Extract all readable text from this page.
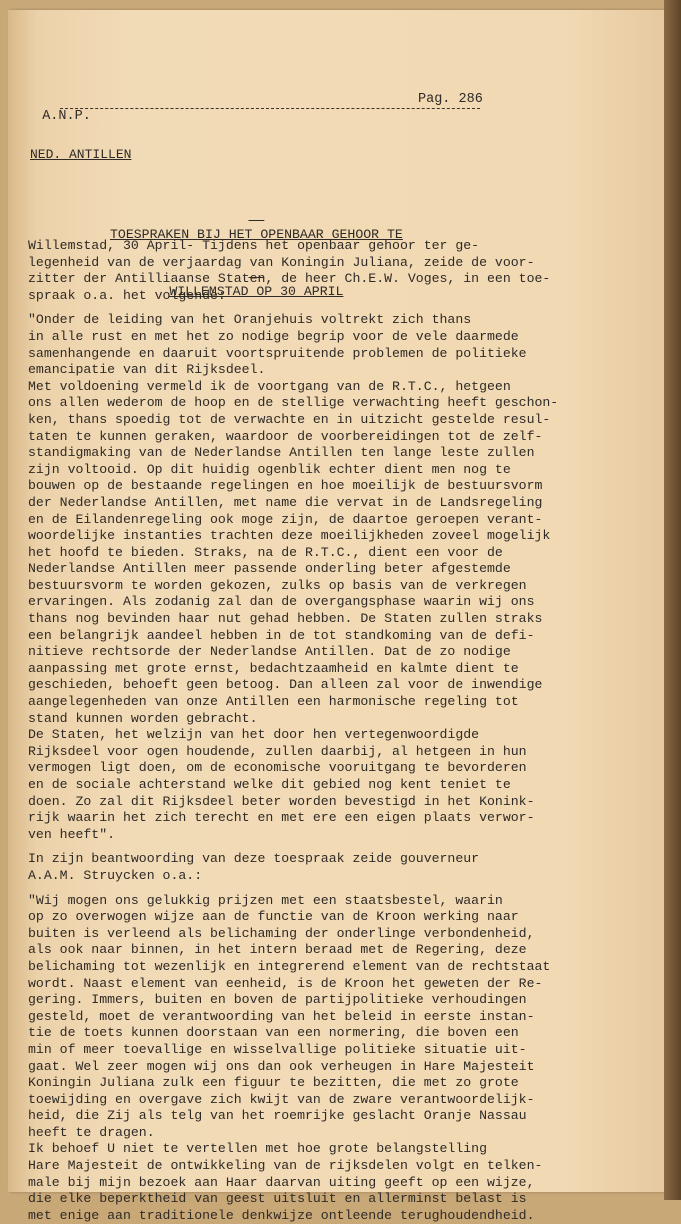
A.N.P.

Pag. 286

NED. ANTILLEN

TOESPRAKEN BIJ HET OPENBAAR GEHOOR TE

WILLEMSTAD OP 30 APRIL

Willemstad, 30 April- Tijdens het openbaar gehoor ter ge-
legenheid van de verjaardag van Koningin Juliana, zeide de voor-
zitter der Antilliaanse Staten, de heer Ch.E.W. Voges, in een toe-
spraak o.a. het volgende:
"Onder de leiding van het Oranjehuis voltrekt zich thans
in alle rust en met het zo nodige begrip voor de vele daarmede
samenhangende en daaruit voortspruitende problemen de politieke
emancipatie van dit Rijksdeel.
Met voldoening vermeld ik de voortgang van de R.T.C., hetgeen
ons allen wederom de hoop en de stellige verwachting heeft geschon-
ken, thans spoedig tot de verwachte en in uitzicht gestelde resul-
taten te kunnen geraken, waardoor de voorbereidingen tot de zelf-
standigmaking van de Nederlandse Antillen ten lange leste zullen
zijn voltooid. Op dit huidig ogenblik echter dient men nog te
bouwen op de bestaande regelingen en hoe moeilijk de bestuursvorm
der Nederlandse Antillen, met name die vervat in de Landsregeling
en de Eilandenregeling ook moge zijn, de daartoe geroepen verant-
woordelijke instanties trachten deze moeilijkheden zoveel mogelijk
het hoofd te bieden. Straks, na de R.T.C., dient een voor de
Nederlandse Antillen meer passende onderling beter afgestemde
bestuursvorm te worden gekozen, zulks op basis van de verkregen
ervaringen. Als zodanig zal dan de overgangsphase waarin wij ons
thans nog bevinden haar nut gehad hebben. De Staten zullen straks
een belangrijk aandeel hebben in de tot standkoming van de defi-
nitieve rechtsorde der Nederlandse Antillen. Dat de zo nodige
aanpassing met grote ernst, bedachtzaamheid en kalmte dient te
geschieden, behoeft geen betoog. Dan alleen zal voor de inwendige
aangelegenheden van onze Antillen een harmonische regeling tot
stand kunnen worden gebracht.
De Staten, het welzijn van het door hen vertegenwoordigde
Rijksdeel voor ogen houdende, zullen daarbij, al hetgeen in hun
vermogen ligt doen, om de economische vooruitgang te bevorderen
en de sociale achterstand welke dit gebied nog kent teniet te
doen. Zo zal dit Rijksdeel beter worden bevestigd in het Konink-
rijk waarin het zich terecht en met ere een eigen plaats verwor-
ven heeft".
In zijn beantwoording van deze toespraak zeide gouverneur
A.A.M. Struycken o.a.:
"Wij mogen ons gelukkig prijzen met een staatsbestel, waarin
op zo overwogen wijze aan de functie van de Kroon werking naar
buiten is verleend als belichaming der onderlinge verbondenheid,
als ook naar binnen, in het intern beraad met de Regering, deze
belichaming tot wezenlijk en integrerend element van de rechtstaat
wordt. Naast element van eenheid, is de Kroon het geweten der Re-
gering. Immers, buiten en boven de partijpolitieke verhoudingen
gesteld, moet de verantwoording van het beleid in eerste instan-
tie de toets kunnen doorstaan van een normering, die boven een
min of meer toevallige en wisselvallige politieke situatie uit-
gaat. Wel zeer mogen wij ons dan ook verheugen in Hare Majesteit
Koningin Juliana zulk een figuur te bezitten, die met zo grote
toewijding en overgave zich kwijt van de zware verantwoordelijk-
heid, die Zij als telg van het roemrijke geslacht Oranje Nassau
heeft te dragen.
Ik behoef U niet te vertellen met hoe grote belangstelling
Hare Majesteit de ontwikkeling van de rijksdelen volgt en telken-
male bij mijn bezoek aan Haar daarvan uiting geeft op een wijze,
die elke beperktheid van geest uitsluit en allerminst belast is
met enige aan traditionele denkwijze ontleende terughoudendheid.
